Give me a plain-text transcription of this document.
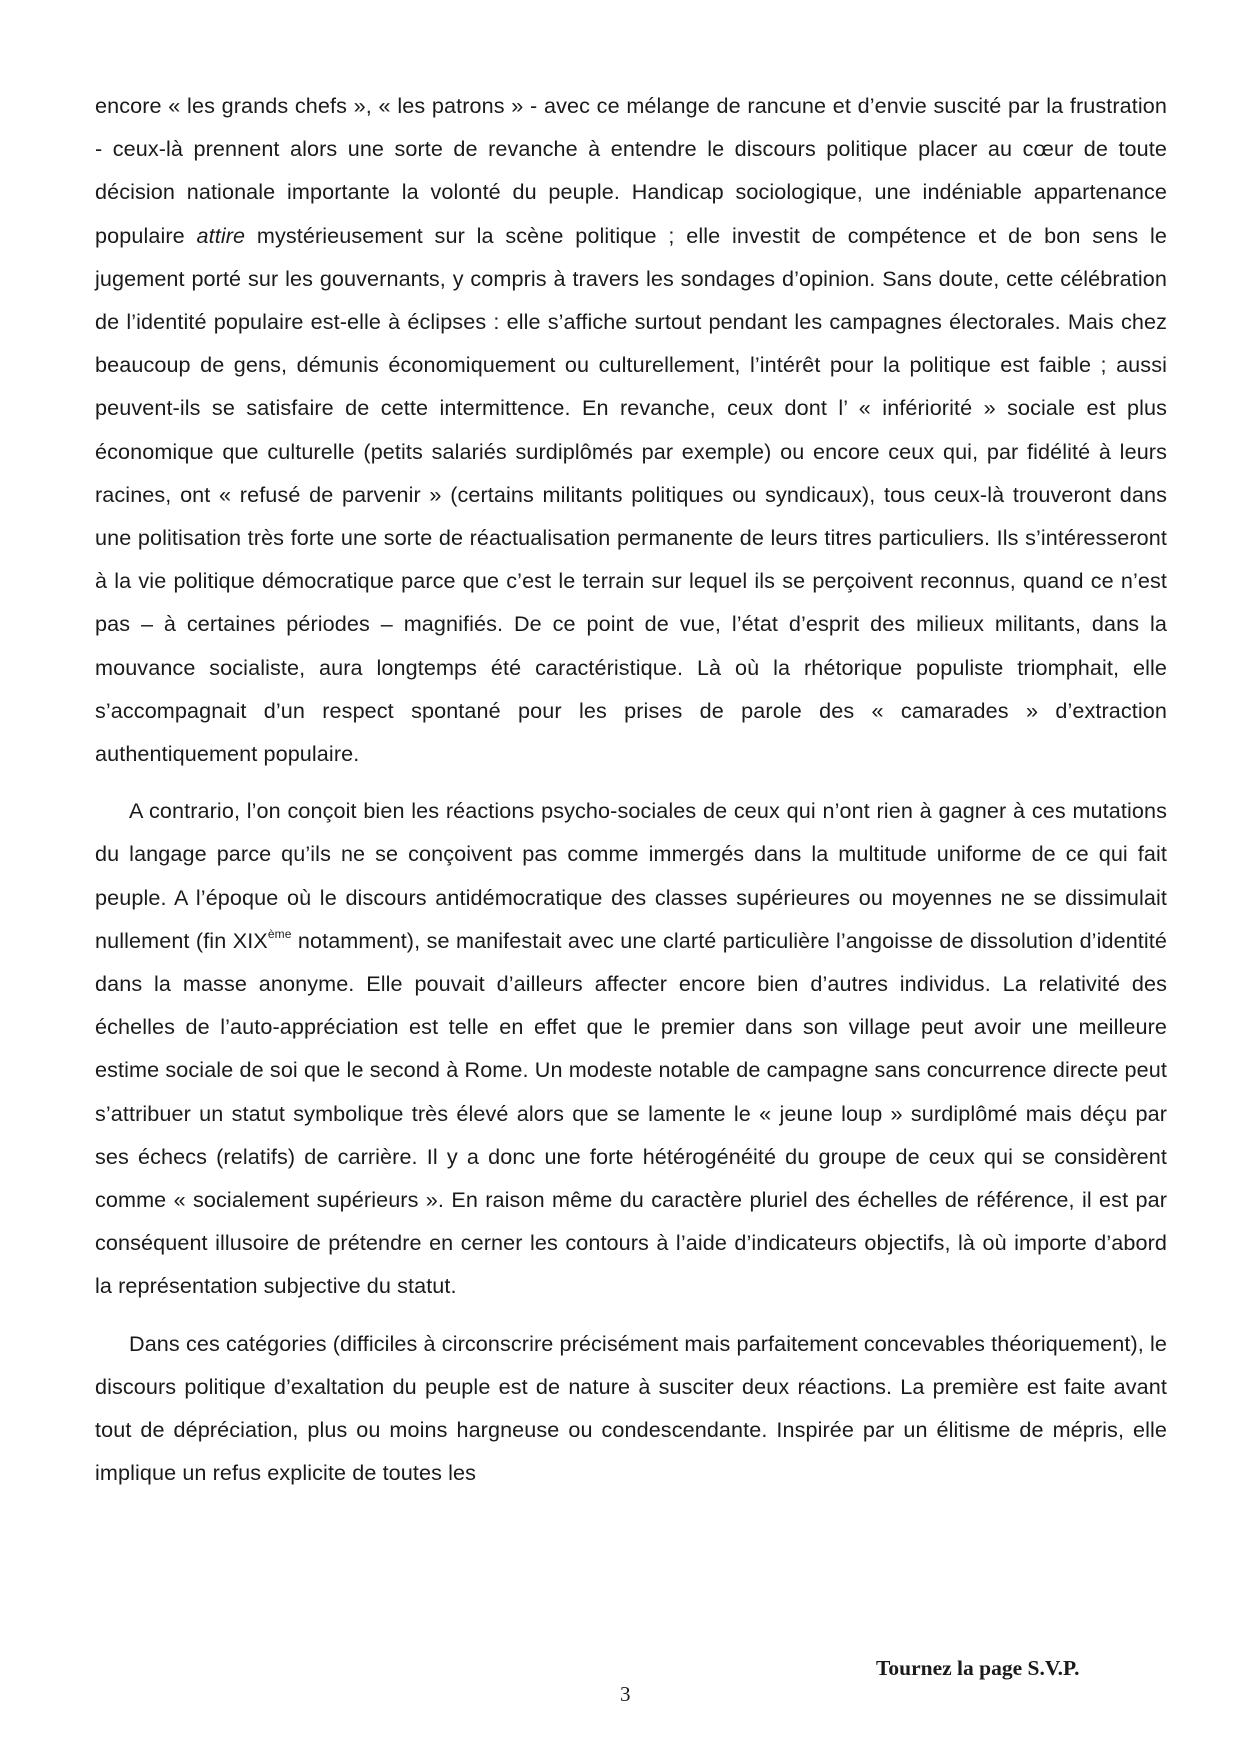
encore « les grands chefs », « les patrons » - avec ce mélange de rancune et d’envie suscité par la frustration - ceux-là prennent alors une sorte de revanche à entendre le discours politique placer au cœur de toute décision nationale importante la volonté du peuple. Handicap sociologique, une indéniable appartenance populaire attire mystérieusement sur la scène politique ; elle investit de compétence et de bon sens le jugement porté sur les gouvernants, y compris à travers les sondages d’opinion. Sans doute, cette célébration de l’identité populaire est-elle à éclipses : elle s’affiche surtout pendant les campagnes électorales. Mais chez beaucoup de gens, démunis économiquement ou culturellement, l’intérêt pour la politique est faible ; aussi peuvent-ils se satisfaire de cette intermittence. En revanche, ceux dont l’ « infériorité » sociale est plus économique que culturelle (petits salariés surdiplômés par exemple) ou encore ceux qui, par fidélité à leurs racines, ont « refusé de parvenir » (certains militants politiques ou syndicaux), tous ceux-là trouveront dans une politisation très forte une sorte de réactualisation permanente de leurs titres particuliers. Ils s’intéresseront à la vie politique démocratique parce que c’est le terrain sur lequel ils se perçoivent reconnus, quand ce n’est pas – à certaines périodes – magnifiés. De ce point de vue, l’état d’esprit des milieux militants, dans la mouvance socialiste, aura longtemps été caractéristique. Là où la rhétorique populiste triomphait, elle s’accompagnait d’un respect spontané pour les prises de parole des « camarades » d’extraction authentiquement populaire.

A contrario, l’on conçoit bien les réactions psycho-sociales de ceux qui n’ont rien à gagner à ces mutations du langage parce qu’ils ne se conçoivent pas comme immergés dans la multitude uniforme de ce qui fait peuple. A l’époque où le discours antidémocratique des classes supérieures ou moyennes ne se dissimulait nullement (fin XIXème notamment), se manifestait avec une clarté particulière l’angoisse de dissolution d’identité dans la masse anonyme. Elle pouvait d’ailleurs affecter encore bien d’autres individus. La relativité des échelles de l’auto-appréciation est telle en effet que le premier dans son village peut avoir une meilleure estime sociale de soi que le second à Rome. Un modeste notable de campagne sans concurrence directe peut s’attribuer un statut symbolique très élevé alors que se lamente le « jeune loup » surdiplômé mais déçu par ses échecs (relatifs) de carrière. Il y a donc une forte hétérogénéité du groupe de ceux qui se considèrent comme « socialement supérieurs ». En raison même du caractère pluriel des échelles de référence, il est par conséquent illusoire de prétendre en cerner les contours à l’aide d’indicateurs objectifs, là où importe d’abord la représentation subjective du statut.

Dans ces catégories (difficiles à circonscrire précisément mais parfaitement concevables théoriquement), le discours politique d’exaltation du peuple est de nature à susciter deux réactions. La première est faite avant tout de dépréciation, plus ou moins hargneuse ou condescendante. Inspirée par un élitisme de mépris, elle implique un refus explicite de toutes les

Tournez la page S.V.P.
3
